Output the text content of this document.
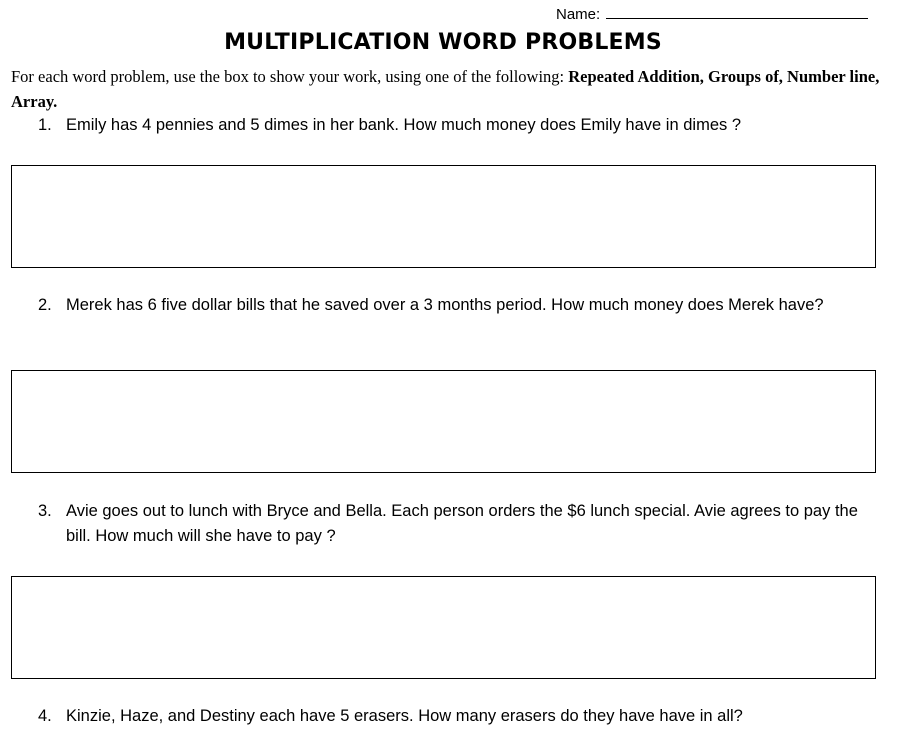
Name:
MULTIPLICATION WORD PROBLEMS
For each word problem, use the box to show your work, using one of the following: Repeated Addition, Groups of, Number line, Array.
1. Emily has 4 pennies and 5 dimes in her bank. How much money does Emily have in dimes ?
2. Merek has 6 five dollar bills that he saved over a 3 months period. How much money does Merek have?
3. Avie goes out to lunch with Bryce and Bella. Each person orders the $6 lunch special. Avie agrees to pay the bill. How much will she have to pay ?
4. Kinzie, Haze, and Destiny each have 5 erasers. How many erasers do they have have in all?
